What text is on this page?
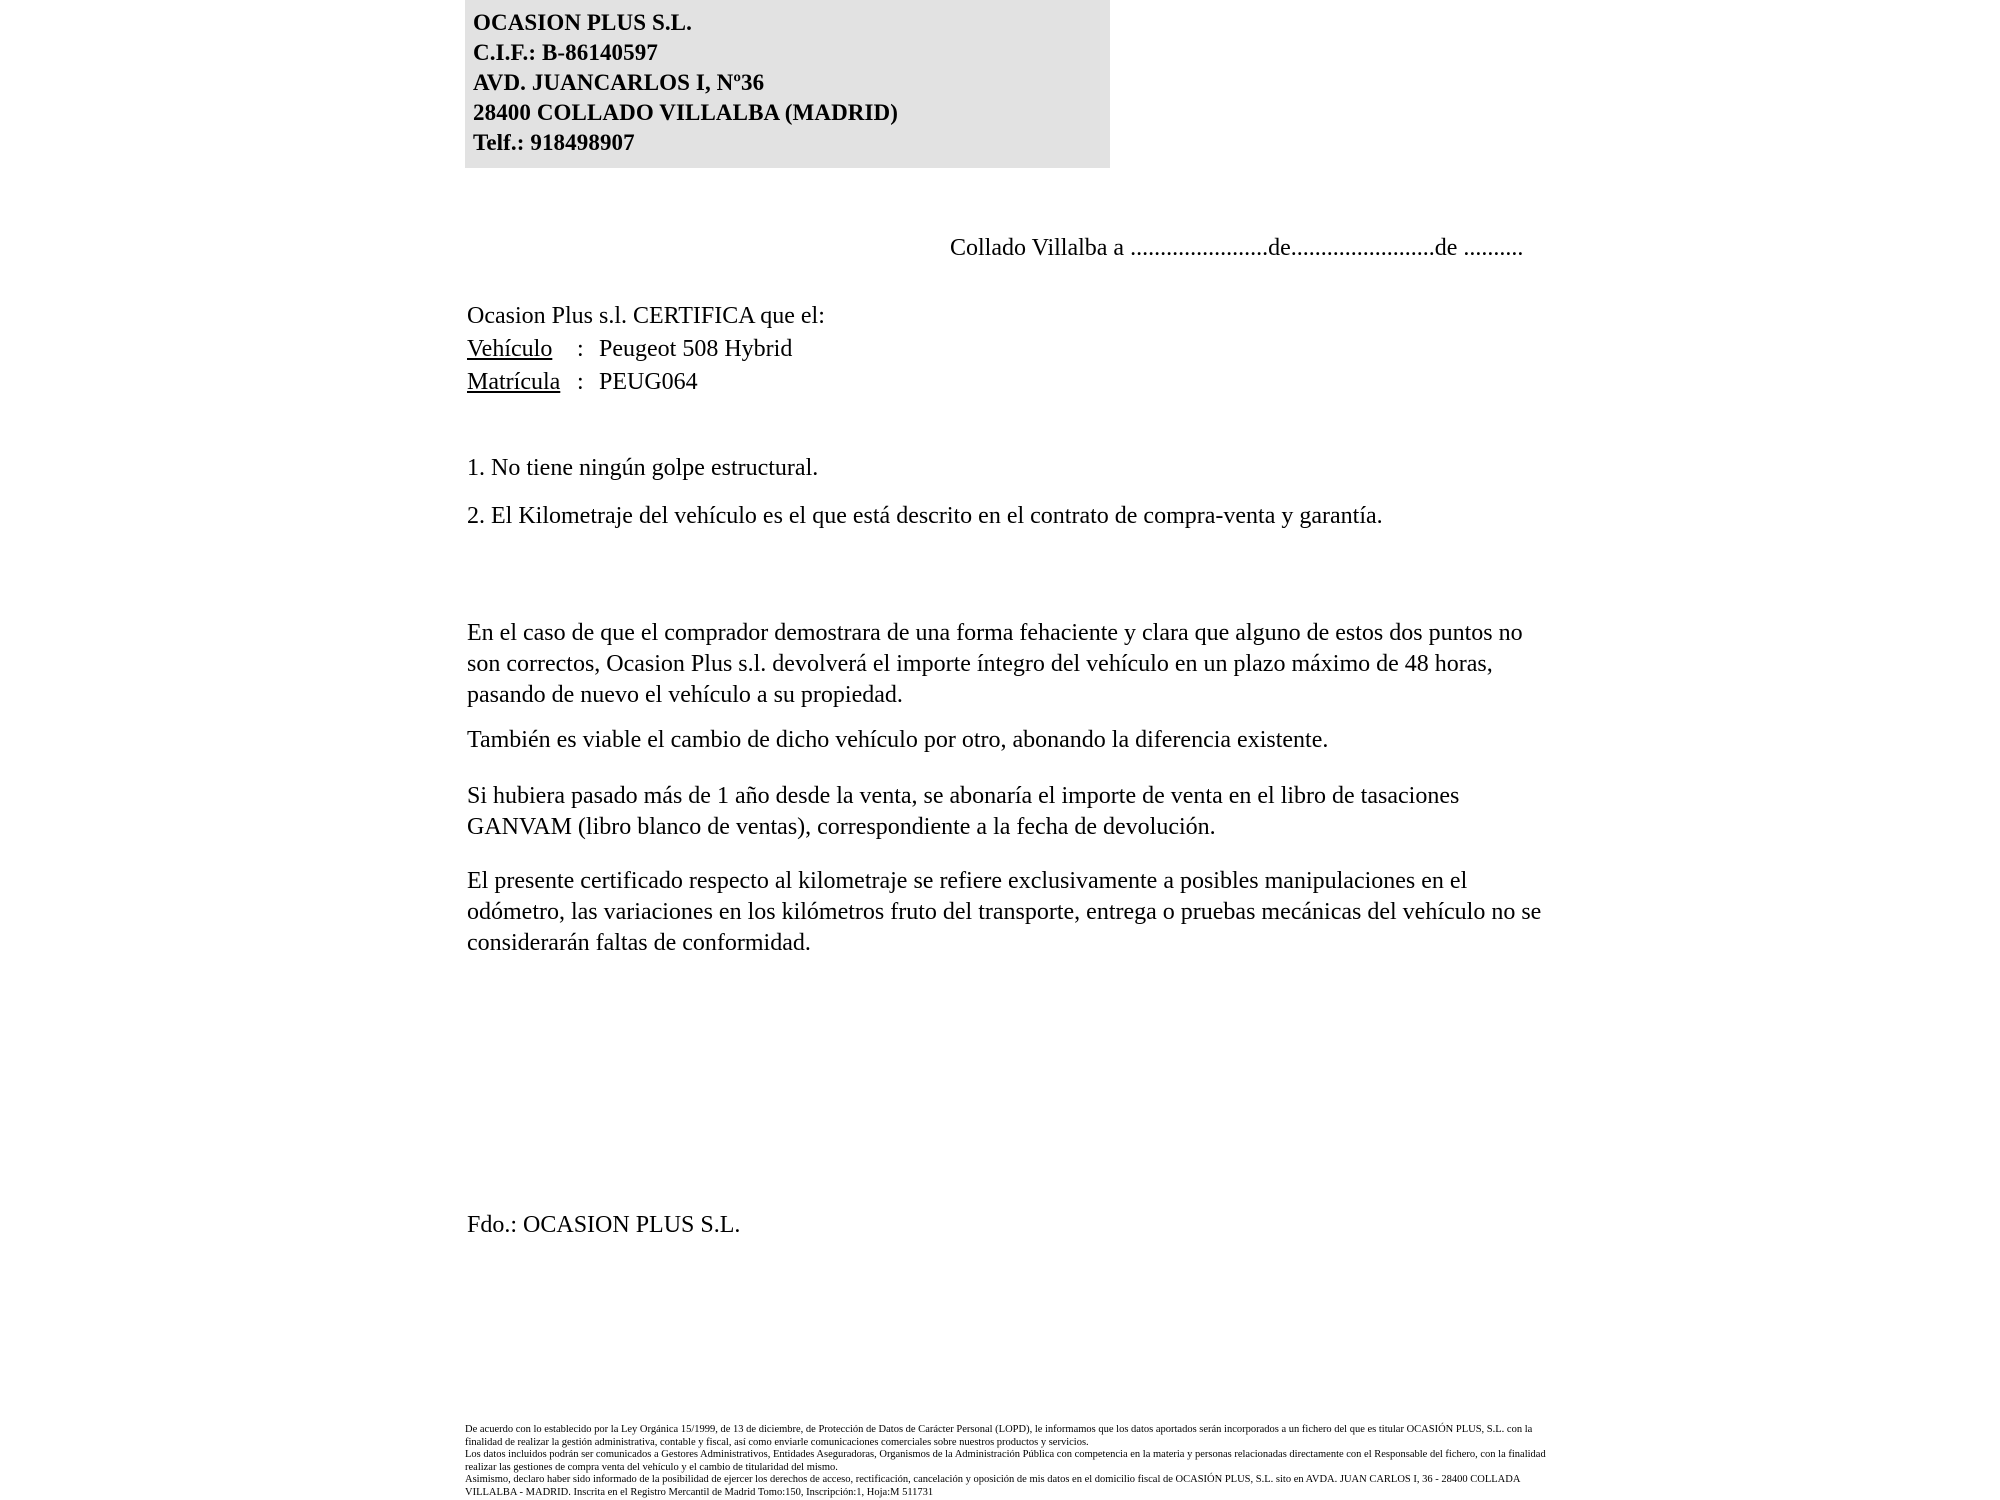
OCASION PLUS S.L.
C.I.F.: B-86140597
AVD. JUANCARLOS I, Nº36
28400 COLLADO VILLALBA (MADRID)
Telf.: 918498907
Collado Villalba a .......................de........................de ..........
Ocasion Plus s.l. CERTIFICA que el:
Vehículo : Peugeot 508 Hybrid
Matrícula : PEUG064
1. No tiene ningún golpe estructural.
2. El Kilometraje del vehículo es el que está descrito en el contrato de compra-venta y garantía.
En el caso de que el comprador demostrara de una forma fehaciente y clara que alguno de estos dos puntos no son correctos, Ocasion Plus s.l. devolverá el importe íntegro del vehículo en un plazo máximo de 48 horas, pasando de nuevo el vehículo a su propiedad.
También es viable el cambio de dicho vehículo por otro, abonando la diferencia existente.
Si hubiera pasado más de 1 año desde la venta, se abonaría el importe de venta en el libro de tasaciones GANVAM (libro blanco de ventas), correspondiente a la fecha de devolución.
El presente certificado respecto al kilometraje se refiere exclusivamente a posibles manipulaciones en el odómetro, las variaciones en los kilómetros fruto del transporte, entrega o pruebas mecánicas del vehículo no se considerarán faltas de conformidad.
Fdo.: OCASION PLUS S.L.

De acuerdo con lo establecido por la Ley Orgánica 15/1999, de 13 de diciembre, de Protección de Datos de Carácter Personal (LOPD), le informamos que los datos aportados serán incorporados a un fichero del que es titular OCASIÓN PLUS, S.L. con la finalidad de realizar la gestión administrativa, contable y fiscal, así como enviarle comunicaciones comerciales sobre nuestros productos y servicios.

Los datos incluidos podrán ser comunicados a Gestores Administrativos, Entidades Aseguradoras, Organismos de la Administración Pública con competencia en la materia y personas relacionadas directamente con el Responsable del fichero, con la finalidad realizar las gestiones de compra venta del vehículo y el cambio de titularidad del mismo.

Asimismo, declaro haber sido informado de la posibilidad de ejercer los derechos de acceso, rectificación, cancelación y oposición de mis datos en el domicilio fiscal de OCASIÓN PLUS, S.L. sito en AVDA. JUAN CARLOS I, 36 - 28400 COLLADA VILLALBA - MADRID. Inscrita en el Registro Mercantil de Madrid Tomo:150, Inscripción:1, Hoja:M 511731
